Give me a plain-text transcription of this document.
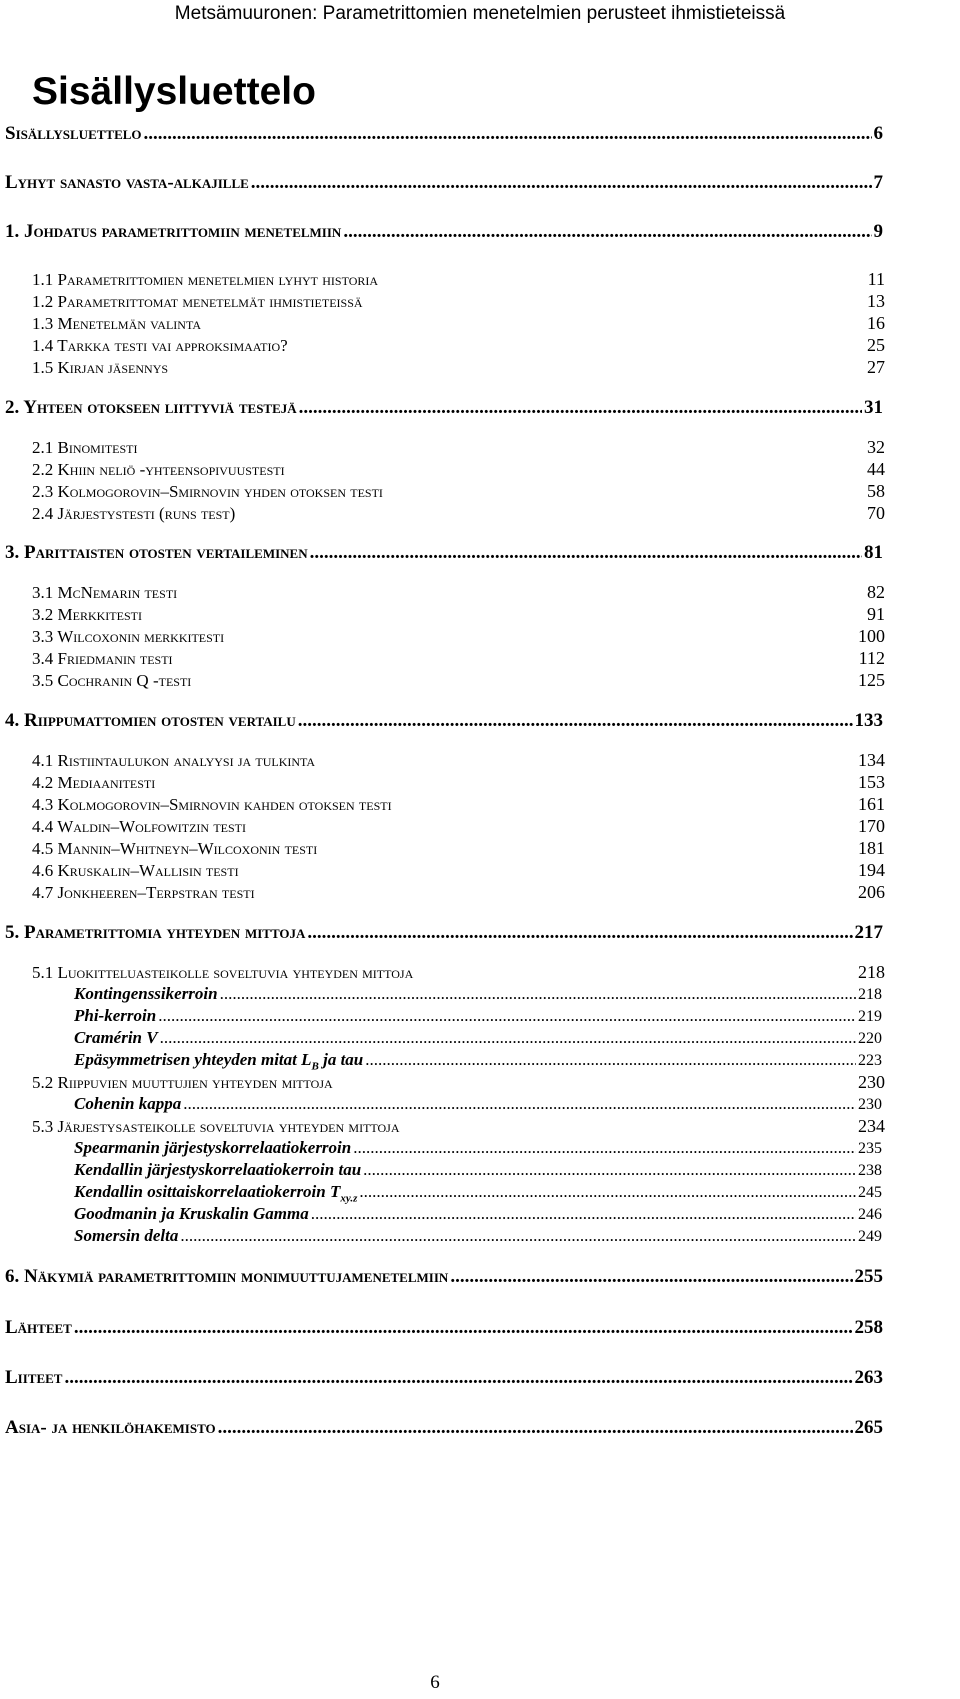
Metsämuuronen: Parametrittomien menetelmien perusteet ihmistieteissä
Sisällysluettelo
Sisällysluettelo .....	6
Lyhyt sanasto vasta-alkajille .....	7
1. Johdatus parametrittomiin menetelmiin .....	9
1.1 Parametrittomien menetelmien lyhyt historia	11
1.2 Parametrittomat menetelmät ihmistieteissä	13
1.3 Menetelmän valinta	16
1.4 Tarkka testi vai approksimaatio?	25
1.5 Kirjan jäsennys	27
2. Yhteen otokseen liittyviä testejä .....	31
2.1 Binomitesti	32
2.2 Khiin neliö -yhteensopivuustesti	44
2.3 Kolmogorovin–Smirnovin yhden otoksen testi	58
2.4 Järjestystesti (runs test)	70
3. Parittaisten otosten vertaileminen .....	81
3.1 McNemarin testi	82
3.2 Merkkitesti	91
3.3 Wilcoxonin merkkitesti	100
3.4 Friedmanin testi	112
3.5 Cochranin Q -testi	125
4. Riippumattomien otosten vertailu .....	133
4.1 Ristiintaulukon analyysi ja tulkinta	134
4.2 Mediaanitesti	153
4.3 Kolmogorovin–Smirnovin kahden otoksen testi	161
4.4 Waldin–Wolfowitzin testi	170
4.5 Mannin–Whitneyn–Wilcoxonin testi	181
4.6 Kruskalin–Wallisin testi	194
4.7 Jonkheeren–Terpstran testi	206
5. Parametrittomia yhteyden mittoja .....	217
5.1 Luokitteluasteikolle soveltuvia yhteyden mittoja	218
Kontingenssikerroin .....	218
Phi-kerroin .....	219
Cramérin V .....	220
Epäsymmetrisen yhteyden mitat $L_B$ ja tau .....	223
5.2 Riippuvien muuttujien yhteyden mittoja	230
Cohenin kappa .....	230
5.3 Järjestysasteikolle soveltuvia yhteyden mittoja	234
Spearmanin järjestyskorrelaatiokerroin .....	235
Kendallin järjestyskorrelaatiokerroin tau .....	238
Kendallin osittaiskorrelaatiokerroin $T_{xy.z}$ .....	245
Goodmanin ja Kruskalin Gamma .....	246
Somersin delta .....	249
6. Näkymiä parametrittomiin monimuuttujamenetelmiin .....	255
Lähteet .....	258
Liiteet .....	263
Asia- ja henkilöhakemisto .....	265
6
